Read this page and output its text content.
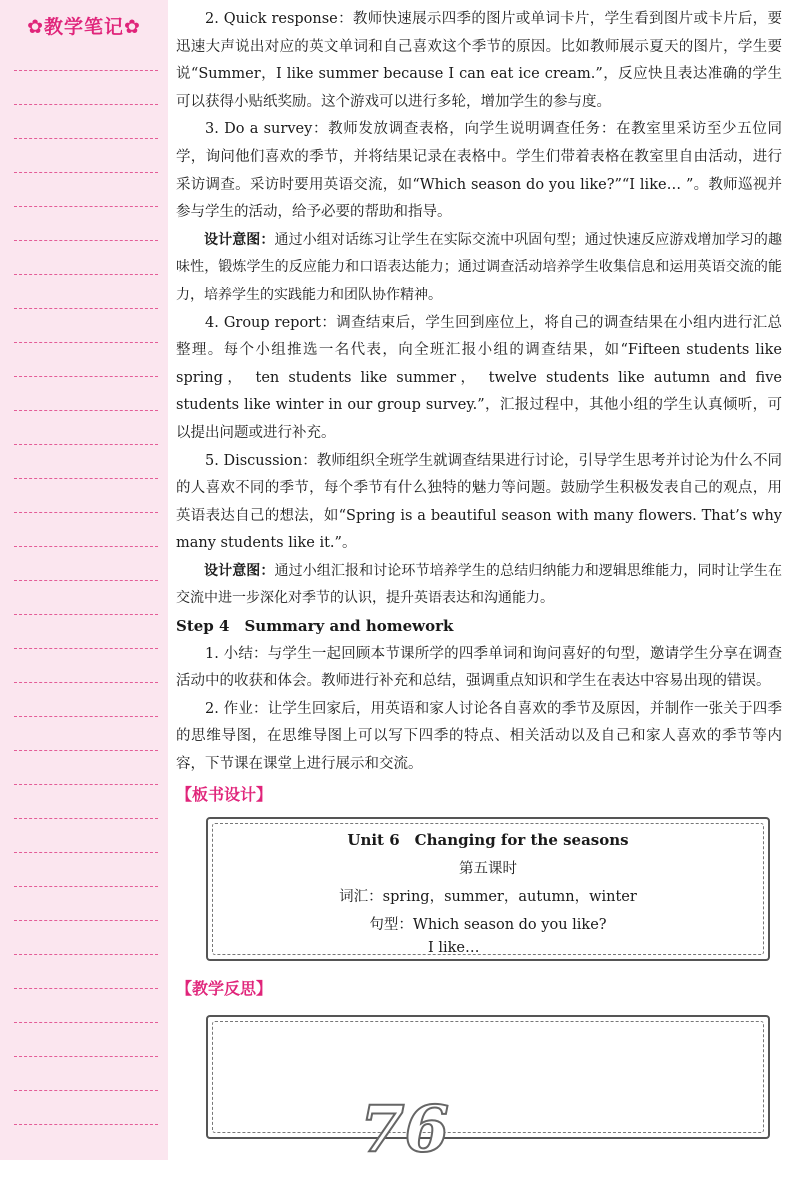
✿教学笔记✿	2. Quick response：教师快速展示四季的图片或单词卡片，学生看到图片或卡片后，要迅速大声说出对应的英文单词和自己喜欢这个季节的原因。比如教师展示夏天的图片，学生要说“Summer，I like summer because I can eat ice cream.”，反应快且表达准确的学生可以获得小贴纸奖励。这个游戏可以进行多轮，增加学生的参与度。

3. Do a survey：教师发放调查表格，向学生说明调查任务：在教室里采访至少五位同学，询问他们喜欢的季节，并将结果记录在表格中。学生们带着表格在教室里自由活动，进行采访调查。采访时要用英语交流，如“Which season do you like?”“I like… ”。教师巡视并参与学生的活动，给予必要的帮助和指导。

设计意图：通过小组对话练习让学生在实际交流中巩固句型；通过快速反应游戏增加学习的趣味性，锻炼学生的反应能力和口语表达能力；通过调查活动培养学生收集信息和运用英语交流的能力，培养学生的实践能力和团队协作精神。

4. Group report：调查结束后，学生回到座位上，将自己的调查结果在小组内进行汇总整理。每个小组推选一名代表，向全班汇报小组的调查结果，如“Fifteen students like spring， ten students like summer， twelve students like autumn and five students like winter in our group survey.”，汇报过程中，其他小组的学生认真倾听，可以提出问题或进行补充。

5. Discussion：教师组织全班学生就调查结果进行讨论，引导学生思考并讨论为什么不同的人喜欢不同的季节，每个季节有什么独特的魅力等问题。鼓励学生积极发表自己的观点，用英语表达自己的想法，如“Spring is a beautiful season with many flowers. That’s why many students like it.”。

设计意图：通过小组汇报和讨论环节培养学生的总结归纳能力和逻辑思维能力，同时让学生在交流中进一步深化对季节的认识，提升英语表达和沟通能力。

Step 4　Summary and homework

1. 小结：与学生一起回顾本节课所学的四季单词和询问喜好的句型，邀请学生分享在调查活动中的收获和体会。教师进行补充和总结，强调重点知识和学生在表达中容易出现的错误。

2. 作业：让学生回家后，用英语和家人讨论各自喜欢的季节及原因，并制作一张关于四季的思维导图，在思维导图上可以写下四季的特点、相关活动以及自己和家人喜欢的季节等内容，下节课在课堂上进行展示和交流。

【板书设计】
Unit 6　Changing for the seasons
第五课时
词汇：spring，summer，autumn，winter
句型：Which season do you like?
I like…
【教学反思】
76
